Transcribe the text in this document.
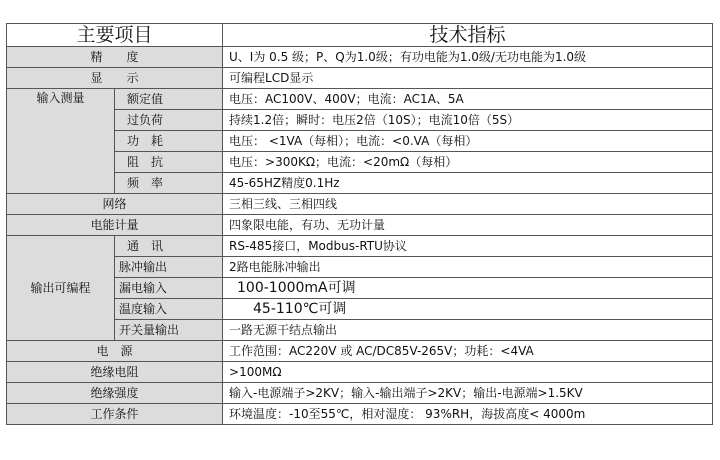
主要项目		技术指标
精　　度		U、I为 0.5 级；P、Q为1.0级；有功电能为1.0级/无功电能为1.0级
显　　示		可编程LCD显示
输入测量	额定值	电压：AC100V、400V；电流：AC1A、5A
	过负荷	持续1.2倍；瞬时：电压2倍（10S）；电流10倍（5S）
	功　耗	电压： <1VA（每相）；电流：<0.VA（每相）
	阻　抗	电压：>300KΩ；电流：<20mΩ（每相）
	频　率	45-65HZ精度0.1Hz
网络		三相三线、三相四线
电能计量		四象限电能，有功、无功计量
输出可编程	通　讯	RS-485接口，Modbus-RTU协议
	脉冲输出	2路电能脉冲输出
	漏电输入	100-1000mA可调
	温度输入	45-110℃可调
	开关量输出	一路无源干结点输出
电　源		工作范围：AC220V 或 AC/DC85V-265V；功耗：<4VA
绝缘电阻		>100MΩ
绝缘强度		输入-电源端子>2KV；输入-输出端子>2KV；输出-电源端>1.5KV
工作条件		环境温度：-10至55℃，相对湿度： 93%RH，海拔高度< 4000m
